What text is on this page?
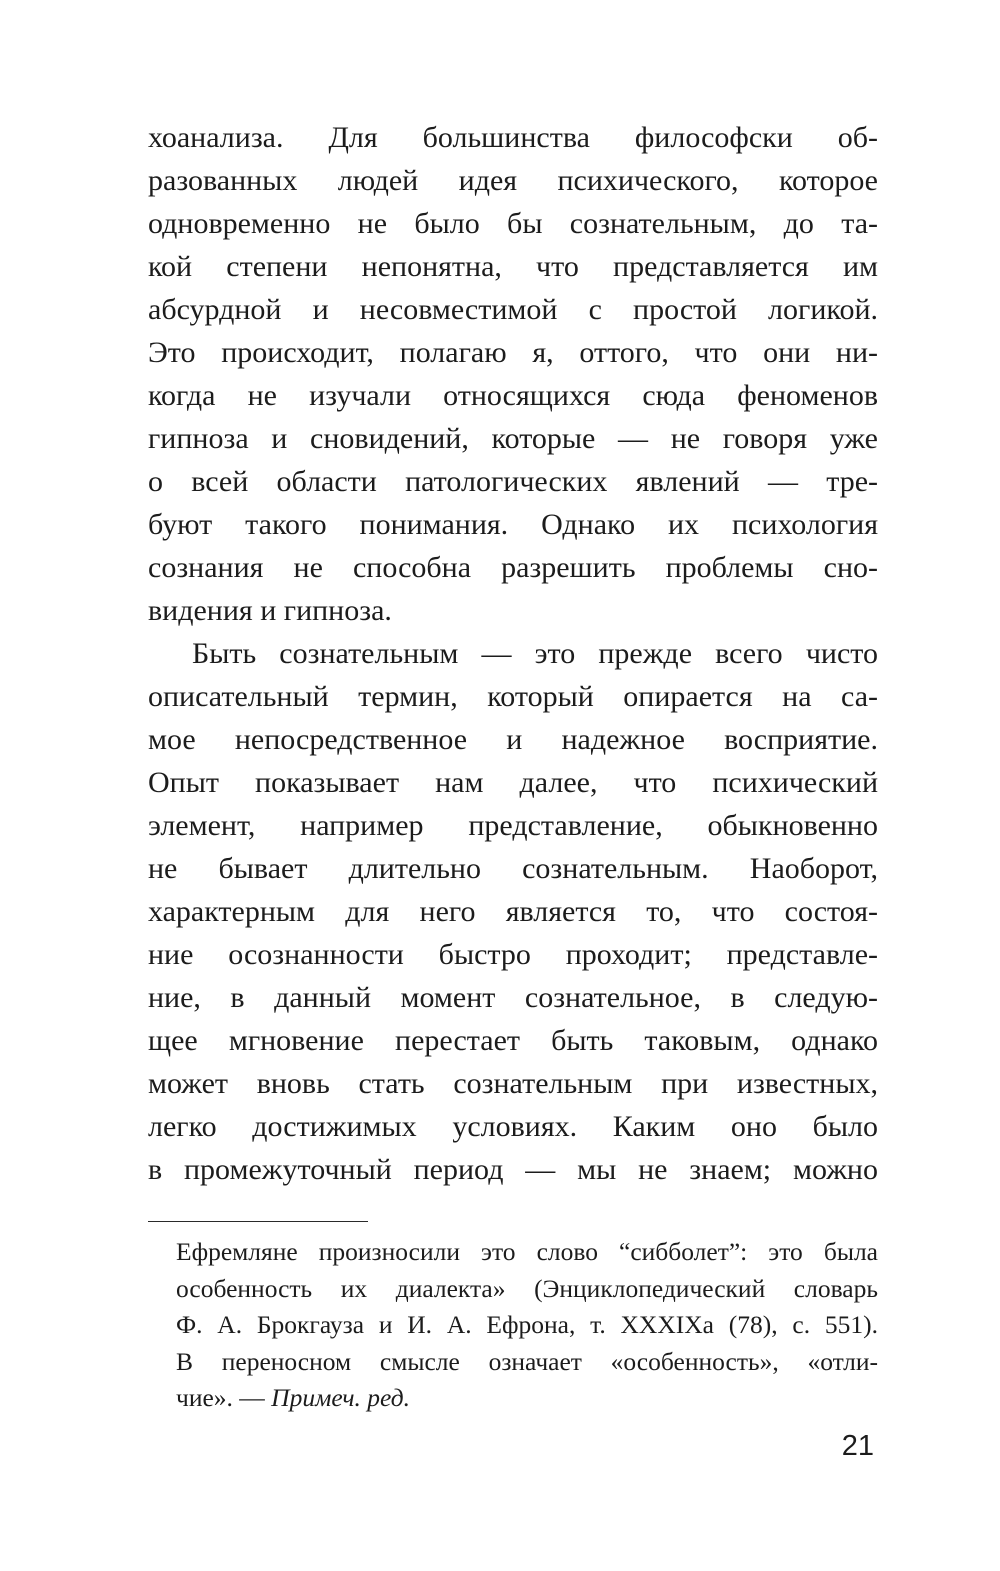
хоанализа. Для большинства философски об-
разованных людей идея психического, которое
одновременно не было бы сознательным, до та-
кой степени непонятна, что представляется им
абсурдной и несовместимой с простой логикой.
Это происходит, полагаю я, оттого, что они ни-
когда не изучали относящихся сюда феноменов
гипноза и сновидений, которые — не говоря уже
о всей области патологических явлений — тре-
буют такого понимания. Однако их психология
сознания не способна разрешить проблемы сно-
видения и гипноза.
Быть сознательным — это прежде всего чисто
описательный термин, который опирается на са-
мое непосредственное и надежное восприятие.
Опыт показывает нам далее, что психический
элемент, например представление, обыкновенно
не бывает длительно сознательным. Наоборот,
характерным для него является то, что состоя-
ние осознанности быстро проходит; представле-
ние, в данный момент сознательное, в следую-
щее мгновение перестает быть таковым, однако
может вновь стать сознательным при известных,
легко достижимых условиях. Каким оно было
в промежуточный период — мы не знаем; можно
Ефремляне произносили это слово “сибболет”: это была
особенность их диалекта» (Энциклопедический словарь
Ф. А. Брокгауза и И. А. Ефрона, т. XXXIXa (78), с. 551).
В переносном смысле означает «особенность», «отли-
чие». — Примеч. ред.
21
